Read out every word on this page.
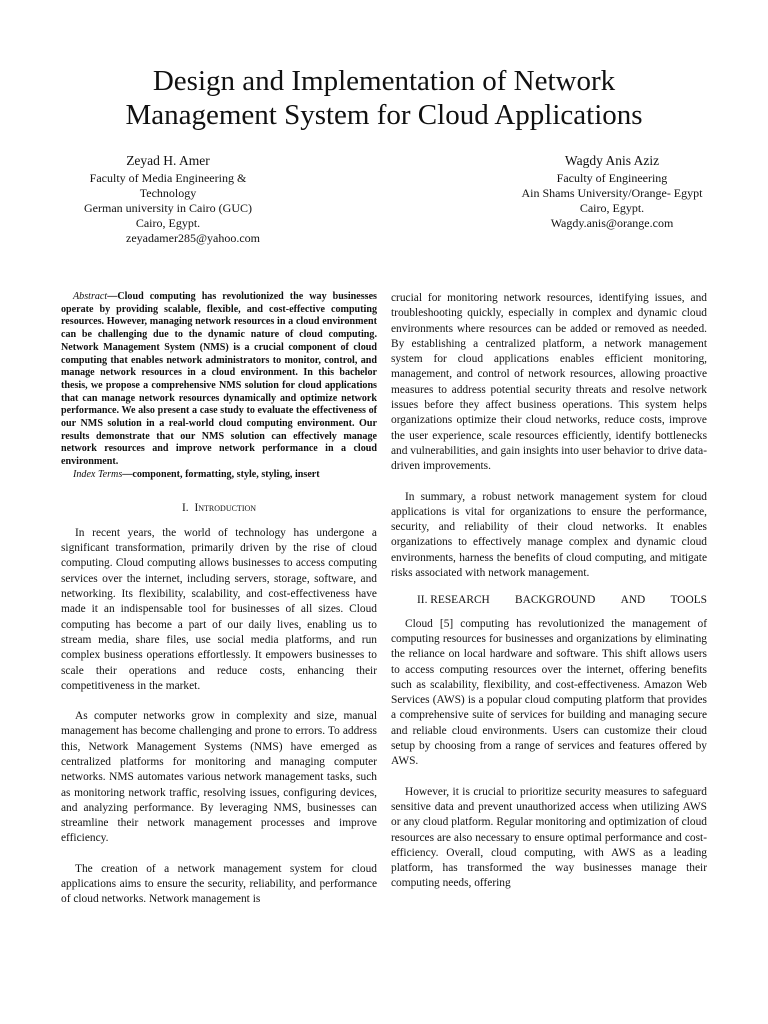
Design and Implementation of Network
Management System for Cloud Applications
Zeyad H. Amer
Faculty of Media Engineering &
Technology
German university in Cairo (GUC)
Cairo, Egypt.
zeyadamer285@yahoo.com
Wagdy Anis Aziz
Faculty of Engineering
Ain Shams University/Orange- Egypt
Cairo, Egypt.
Wagdy.anis@orange.com

Abstract—Cloud computing has revolutionized the way businesses operate by providing scalable, flexible, and cost-effective computing resources. However, managing network resources in a cloud environment can be challenging due to the dynamic nature of cloud computing. Network Management System (NMS) is a crucial component of cloud computing that enables network administrators to monitor, control, and manage network resources in a cloud environment. In this bachelor thesis, we propose a comprehensive NMS solution for cloud applications that can manage network resources dynamically and optimize network performance. We also present a case study to evaluate the effectiveness of our NMS solution in a real-world cloud computing environment. Our results demonstrate that our NMS solution can effectively manage network resources and improve network performance in a cloud environment.

Index Terms—component, formatting, style, styling, insert

I. Introduction

In recent years, the world of technology has undergone a significant transformation, primarily driven by the rise of cloud computing. Cloud computing allows businesses to access computing services over the internet, including servers, storage, software, and networking. Its flexibility, scalability, and cost-effectiveness have made it an indispensable tool for businesses of all sizes. Cloud computing has become a part of our daily lives, enabling us to stream media, share files, use social media platforms, and run complex business operations effortlessly. It empowers businesses to scale their operations and reduce costs, enhancing their competitiveness in the market.

As computer networks grow in complexity and size, manual management has become challenging and prone to errors. To address this, Network Management Systems (NMS) have emerged as centralized platforms for monitoring and managing computer networks. NMS automates various network management tasks, such as monitoring network traffic, resolving issues, configuring devices, and analyzing performance. By leveraging NMS, businesses can streamline their network management processes and improve efficiency.

The creation of a network management system for cloud applications aims to ensure the security, reliability, and performance of cloud networks. Network management is

crucial for monitoring network resources, identifying issues, and troubleshooting quickly, especially in complex and dynamic cloud environments where resources can be added or removed as needed. By establishing a centralized platform, a network management system for cloud applications enables efficient monitoring, management, and control of network resources, allowing proactive measures to address potential security threats and resolve network issues before they affect business operations. This system helps organizations optimize their cloud networks, reduce costs, improve the user experience, scale resources efficiently, identify bottlenecks and vulnerabilities, and gain insights into user behavior to drive data-driven improvements.

In summary, a robust network management system for cloud applications is vital for organizations to ensure the performance, security, and reliability of their cloud networks. It enables organizations to effectively manage complex and dynamic cloud environments, harness the benefits of cloud computing, and mitigate risks associated with network management.

II. RESEARCH BACKGROUND AND TOOLS

Cloud [5] computing has revolutionized the management of computing resources for businesses and organizations by eliminating the reliance on local hardware and software. This shift allows users to access computing resources over the internet, offering benefits such as scalability, flexibility, and cost-effectiveness. Amazon Web Services (AWS) is a popular cloud computing platform that provides a comprehensive suite of services for building and managing secure and reliable cloud environments. Users can customize their cloud setup by choosing from a range of services and features offered by AWS.

However, it is crucial to prioritize security measures to safeguard sensitive data and prevent unauthorized access when utilizing AWS or any cloud platform. Regular monitoring and optimization of cloud resources are also necessary to ensure optimal performance and cost-efficiency. Overall, cloud computing, with AWS as a leading platform, has transformed the way businesses manage their computing needs, offering
